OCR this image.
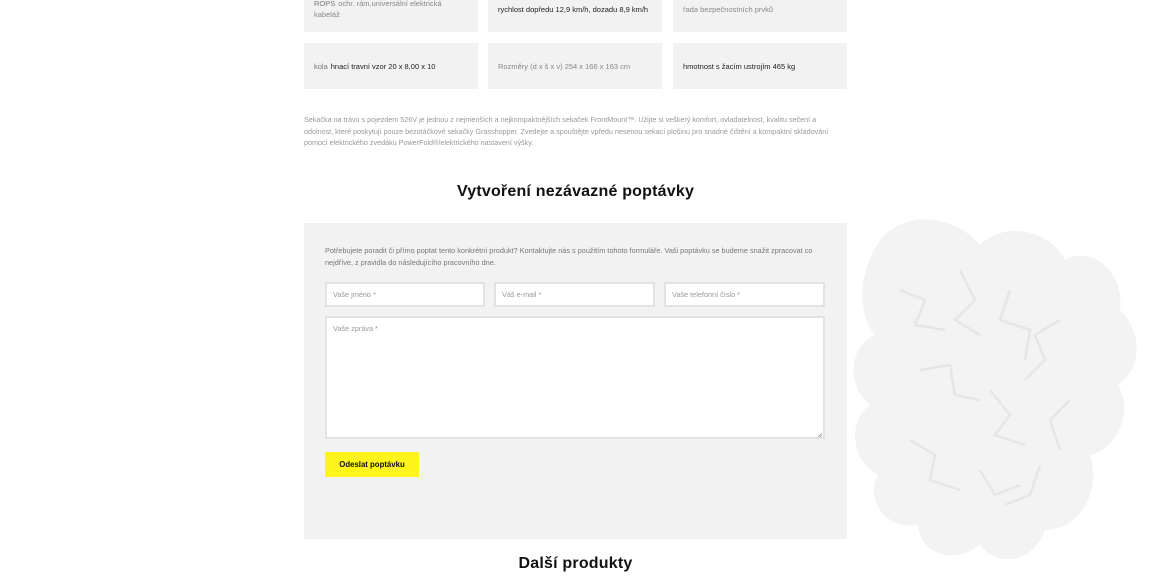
ROPS ochr. rám,universální elektrická kabeláž
rychlost dopředu 12,9 km/h, dozadu 8,9 km/h	řada bezpečnostních prvků
kola hnací travní vzor 20 x 8,00 x 10	Rozměry (d x š x v) 254 x 166 x 163 cm	hmotnost s žacím ustrojím 465 kg

Sekačka na trávu s pojezdem 526V je jednou z nejmenších a nejkompaktnějších sekaček FrontMount™. Užijte si veškerý komfort, ovladatelnost, kvalitu sečení a odolnost, které poskytují pouze bezotáčkové sekačky Grasshopper. Zvedejte a spouštějte vpředu nesenou sekací plošinu pro snadné čištění a kompaktní skladování pomocí elektrického zvedáku PowerFold®/elektrického nastavení výšky.

Vytvoření nezávazné poptávky

Potřebujete poradit či přímo poptat tento konkrétní produkt? Kontaktujte nás s použitím tohoto formuláře. Vaši poptávku se budeme snažit zpracovat co nejdříve, z pravidla do následujícího pracovního dne.

Vaše jméno *
Váš e-mail *
Vaše telefonní číslo *
Vaše zpráva *
Odeslat poptávku
Další produkty
